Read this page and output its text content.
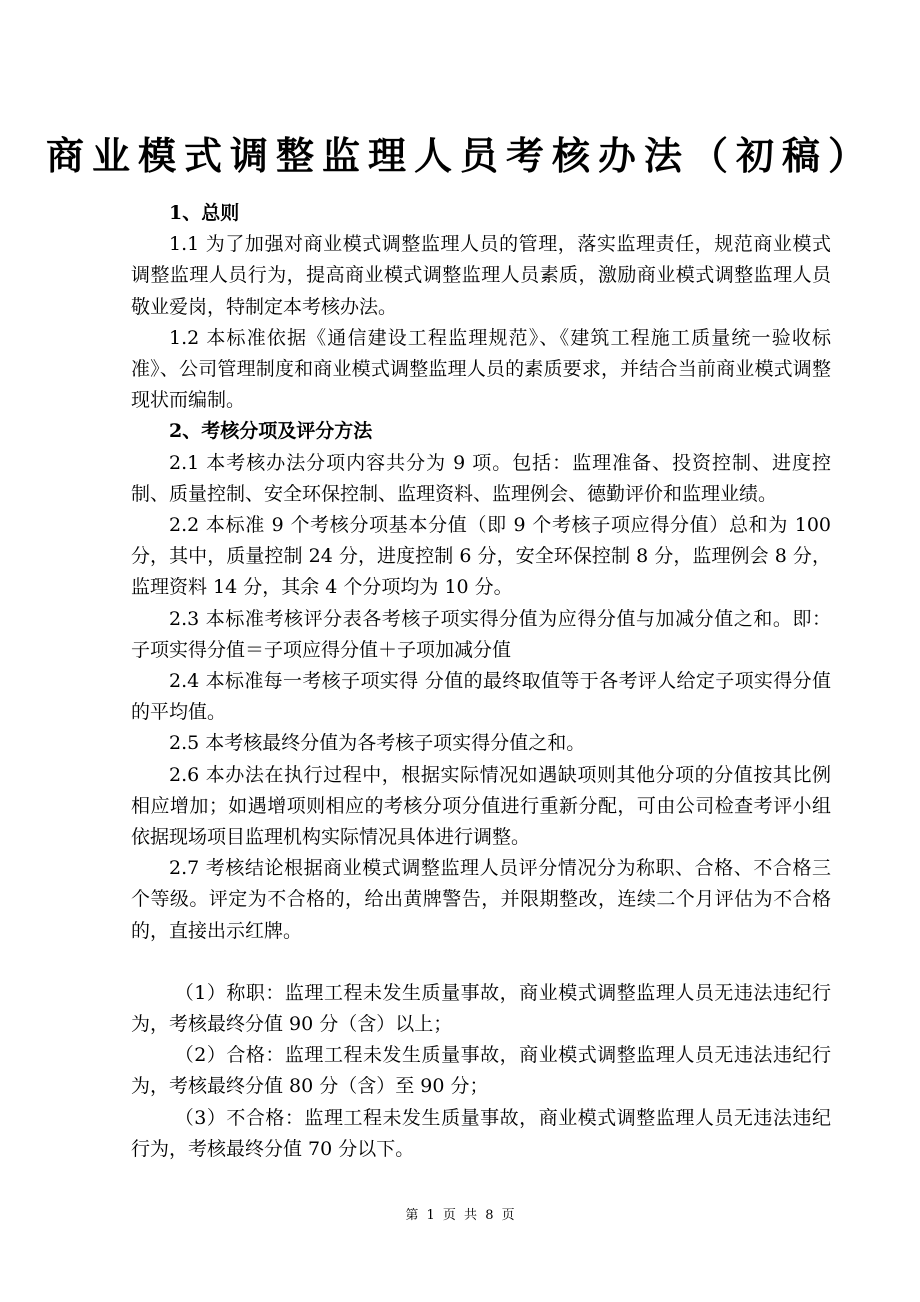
商业模式调整监理人员考核办法（初稿）

1、总则

1.1 为了加强对商业模式调整监理人员的管理，落实监理责任，规范商业模式调整监理人员行为，提高商业模式调整监理人员素质，激励商业模式调整监理人员敬业爱岗，特制定本考核办法。

1.2 本标准依据《通信建设工程监理规范》、《建筑工程施工质量统一验收标准》、公司管理制度和商业模式调整监理人员的素质要求，并结合当前商业模式调整现状而编制。

2、考核分项及评分方法

2.1 本考核办法分项内容共分为 9 项。包括：监理准备、投资控制、进度控制、质量控制、安全环保控制、监理资料、监理例会、德勤评价和监理业绩。

2.2 本标准 9 个考核分项基本分值（即 9 个考核子项应得分值）总和为 100 分，其中，质量控制 24 分，进度控制 6 分，安全环保控制 8 分，监理例会 8 分，监理资料 14 分，其余 4 个分项均为 10 分。

2.3 本标准考核评分表各考核子项实得分值为应得分值与加减分值之和。即：子项实得分值＝子项应得分值＋子项加减分值

2.4 本标准每一考核子项实得 分值的最终取值等于各考评人给定子项实得分值的平均值。

2.5 本考核最终分值为各考核子项实得分值之和。

2.6 本办法在执行过程中，根据实际情况如遇缺项则其他分项的分值按其比例相应增加；如遇增项则相应的考核分项分值进行重新分配，可由公司检查考评小组依据现场项目监理机构实际情况具体进行调整。

2.7 考核结论根据商业模式调整监理人员评分情况分为称职、合格、不合格三个等级。评定为不合格的，给出黄牌警告，并限期整改，连续二个月评估为不合格的，直接出示红牌。

（1）称职：监理工程未发生质量事故，商业模式调整监理人员无违法违纪行为，考核最终分值 90 分（含）以上；

（2）合格：监理工程未发生质量事故，商业模式调整监理人员无违法违纪行为，考核最终分值 80 分（含）至 90 分；

（3）不合格：监理工程未发生质量事故，商业模式调整监理人员无违法违纪行为，考核最终分值 70 分以下。

第 1 页 共 8 页
